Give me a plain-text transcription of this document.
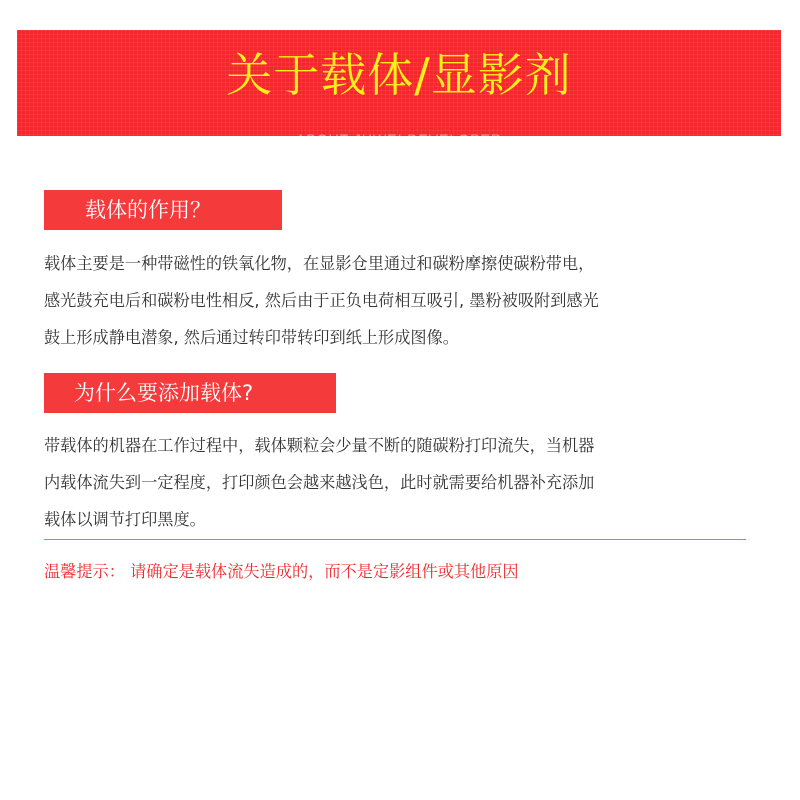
关于载体/显影剂
ABOUT JUWEI DEVELOPER
载体的作用？
载体主要是一种带磁性的铁氧化物，在显影仓里通过和碳粉摩擦使碳粉带电，
感光鼓充电后和碳粉电性相反, 然后由于正负电荷相互吸引, 墨粉被吸附到感光
鼓上形成静电潜象, 然后通过转印带转印到纸上形成图像。
为什么要添加载体?
带载体的机器在工作过程中，载体颗粒会少量不断的随碳粉打印流失，当机器
内载体流失到一定程度，打印颜色会越来越浅色，此时就需要给机器补充添加
载体以调节打印黑度。
温馨提示： 请确定是载体流失造成的，而不是定影组件或其他原因
